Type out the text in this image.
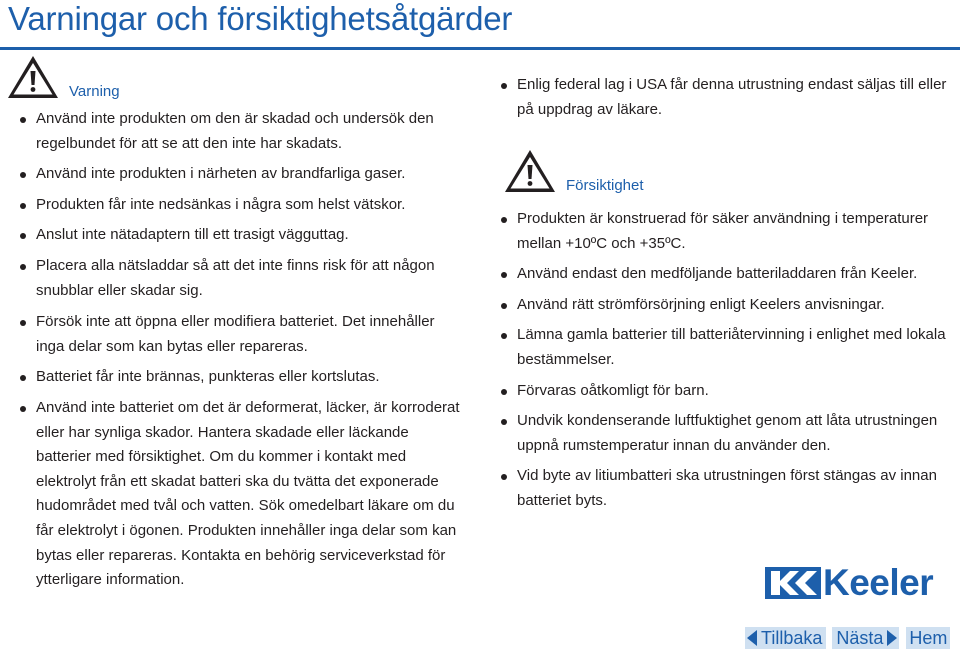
Varningar och försiktighetsåtgärder
Varning
Använd inte produkten om den är skadad och undersök den regelbundet för att se att den inte har skadats.
Använd inte produkten i närheten av brandfarliga gaser.
Produkten får inte nedsänkas i några som helst vätskor.
Anslut inte nätadaptern till ett trasigt vägguttag.
Placera alla nätsladdar så att det inte finns risk för att någon snubblar eller skadar sig.
Försök inte att öppna eller modifiera batteriet. Det innehåller inga delar som kan bytas eller repareras.
Batteriet får inte brännas, punkteras eller kortslutas.
Använd inte batteriet om det är deformerat, läcker, är korroderat eller har synliga skador. Hantera skadade eller läckande batterier med försiktighet. Om du kommer i kontakt med elektrolyt från ett skadat batteri ska du tvätta det exponerade hudområdet med tvål och vatten. Sök omedelbart läkare om du får elektrolyt i ögonen. Produkten innehåller inga delar som kan bytas eller repareras. Kontakta en behörig serviceverkstad för ytterligare information.
Enlig federal lag i USA får denna utrustning endast säljas till eller på uppdrag av läkare.
Försiktighet
Produkten är konstruerad för säker användning i temperaturer mellan +10ºC och +35ºC.
Använd endast den medföljande batteriladdaren från Keeler.
Använd rätt strömförsörjning enligt Keelers anvisningar.
Lämna gamla batterier till batteriåtervinning i enlighet med lokala bestämmelser.
Förvaras oåtkomligt för barn.
Undvik kondenserande luftfuktighet genom att låta utrustningen uppnå rumstemperatur innan du använder den.
Vid byte av litiumbatteri ska utrustningen först stängas av innan batteriet byts.
Keeler
Tillbaka Nästa Hem
